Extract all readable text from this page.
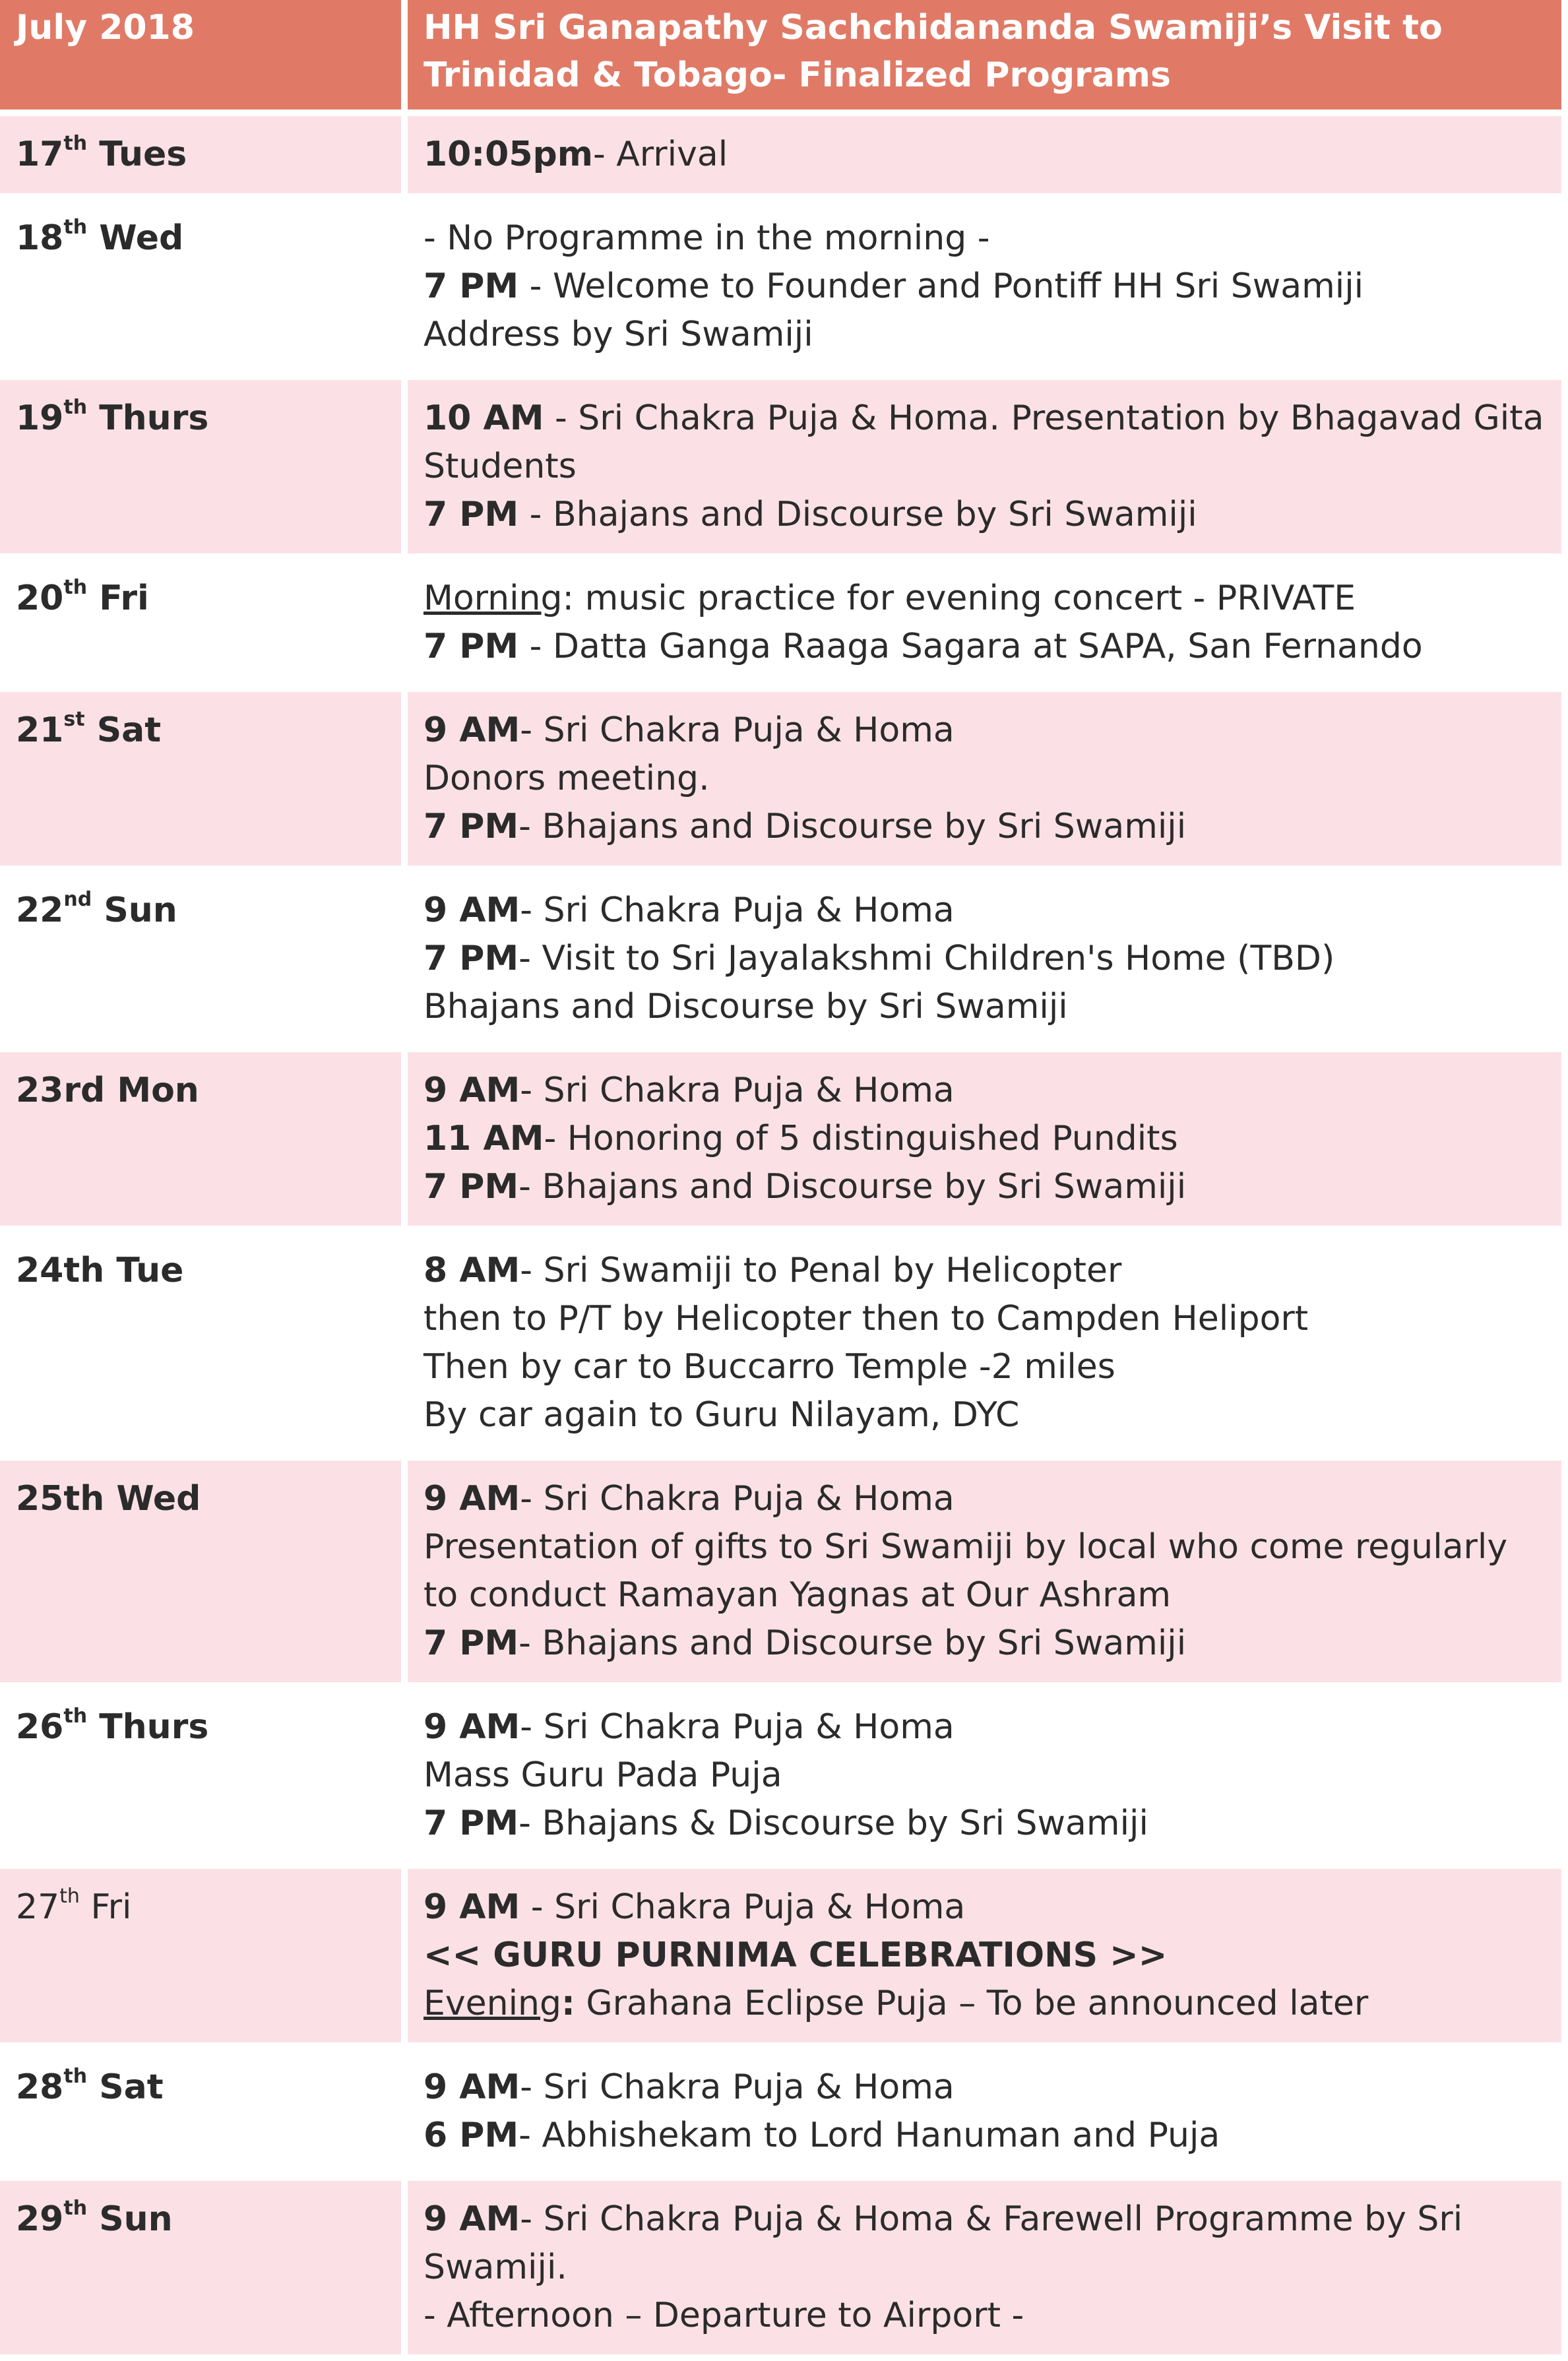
July 2018	HH Sri Ganapathy Sachchidananda Swamiji’s Visit to Trinidad & Tobago- Finalized Programs
17th Tues	10:05pm- Arrival

18th Wed	- No Programme in the morning -
7 PM - Welcome to Founder and Pontiff HH Sri Swamiji
Address by Sri Swamiji

19th Thurs	10 AM - Sri Chakra Puja & Homa. Presentation by Bhagavad Gita Students
7 PM - Bhajans and Discourse by Sri Swamiji

20th Fri	Morning: music practice for evening concert - PRIVATE
7 PM - Datta Ganga Raaga Sagara at SAPA, San Fernando

21st Sat	9 AM- Sri Chakra Puja & Homa
Donors meeting.
7 PM- Bhajans and Discourse by Sri Swamiji

22nd Sun	9 AM- Sri Chakra Puja & Homa
7 PM- Visit to Sri Jayalakshmi Children's Home (TBD)
Bhajans and Discourse by Sri Swamiji

23rd Mon	9 AM- Sri Chakra Puja & Homa
11 AM- Honoring of 5 distinguished Pundits
7 PM- Bhajans and Discourse by Sri Swamiji

24th Tue	8 AM- Sri Swamiji to Penal by Helicopter
then to P/T by Helicopter then to Campden Heliport
Then by car to Buccarro Temple -2 miles
By car again to Guru Nilayam, DYC

25th Wed	9 AM- Sri Chakra Puja & Homa
Presentation of gifts to Sri Swamiji by local who come regularly to conduct Ramayan Yagnas at Our Ashram
7 PM- Bhajans and Discourse by Sri Swamiji

26th Thurs	9 AM- Sri Chakra Puja & Homa
Mass Guru Pada Puja
7 PM- Bhajans & Discourse by Sri Swamiji

27th Fri	9 AM - Sri Chakra Puja & Homa
<< GURU PURNIMA CELEBRATIONS >>
Evening: Grahana Eclipse Puja – To be announced later

28th Sat	9 AM- Sri Chakra Puja & Homa
6 PM- Abhishekam to Lord Hanuman and Puja

29th Sun	9 AM- Sri Chakra Puja & Homa & Farewell Programme by Sri Swamiji.
- Afternoon – Departure to Airport -
